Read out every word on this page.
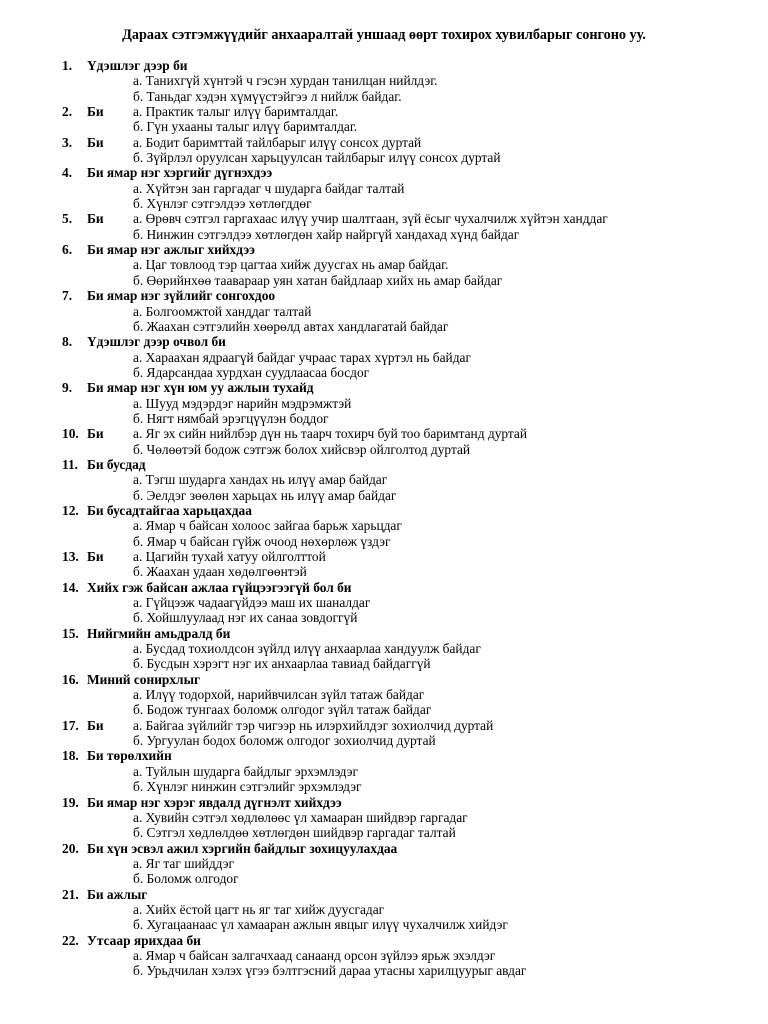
Дараах сэтгэмжүүдийг анхааралтай уншаад өөрт тохирох хувилбарыг сонгоно уу.
1. Үдэшлэг дээр би
а. Танихгүй хүнтэй ч гэсэн хурдан танилцан нийлдэг.
б. Таньдаг хэдэн хүмүүстэйгээ л нийлж байдаг.
2. Би а. Практик талыг илүү баримталдаг.
б. Гүн ухааны талыг илүү баримталдаг.
3. Би а. Бодит баримттай тайлбарыг илүү сонсох дуртай
б. Зүйрлэл оруулсан харьцуулсан тайлбарыг илүү сонсох дуртай
4. Би ямар нэг хэргийг дүгнэхдээ
а. Хүйтэн зан гаргадаг ч шударга байдаг талтай
б. Хүнлэг сэтгэлдээ хөтлөгддөг
5. Би а. Өрөвч сэтгэл гаргахаас илүү учир шалтгаан, зүй ёсыг чухалчилж хүйтэн ханддаг
б. Нинжин сэтгэлдээ хөтлөгдөн хайр найргүй хандахад хүнд байдаг
6. Би ямар нэг ажлыг хийхдээ
а. Цаг товлоод тэр цагтаа хийж дуусгах нь амар байдаг.
б. Өөрийнхөө таавараар уян хатан байдлаар хийх нь амар байдаг
7. Би ямар нэг зүйлийг сонгохдоо
а. Болгоомжтой ханддаг талтай
б. Жаахан сэтгэлийн хөөрөлд автах хандлагатай байдаг
8. Үдэшлэг дээр очвол би
а. Харaахан ядраагүй байдаг учраас тарах хүртэл нь байдаг
б. Ядарсандаа хурдхан суудлаасаа босдог
9. Би ямар нэг хүн юм уу ажлын тухайд
а. Шууд мэдэрдэг нарийн мэдрэмжтэй
б. Нягт нямбай эрэгцүүлэн боддог
10. Би а. Яг эх сийн нийлбэр дүн нь таарч тохирч буй тоо баримтанд дуртай
б. Чөлөөтэй бодож сэтгэж болох хийсвэр ойлголтод дуртай
11. Би бусдад
а. Тэгш шударга хандах нь илүү амар байдаг
б. Эелдэг зөөлөн харьцах нь илүү амар байдаг
12. Би бусадтайгаа харьцахдаа
а. Ямар ч байсан холоос зайгаа барьж харьцдаг
б. Ямар ч байсан гүйж очоод нөхөрлөж үздэг
13. Би а. Цагийн тухай хатуу ойлголттой
б. Жаахан удаан хөдөлгөөнтэй
14. Хийх гэж байсан ажлаа гүйцээгээгүй бол би
а. Гүйцээж чадаагүйдээ маш их шаналдаг
б. Хойшлуулаад нэг их санаа зовдоггүй
15. Нийгмийн амьдралд би
а. Бусдад тохиолдсон зүйлд илүү анхаарлаа хандуулж байдаг
б. Бусдын хэрэгт нэг их анхаарлаа тавиад байдаггүй
16. Миний сонирхлыг
а. Илүү тодорхой, нарийвчилсан зүйл татаж байдаг
б. Бодож тунгаах боломж олгодог зүйл татаж байдаг
17. Би а. Байгаа зүйлийг тэр чигээр нь илэрхийлдэг зохиолчид дуртай
б. Ургуулан бодох боломж олгодог зохиолчид дуртай
18. Би төрөлхийн
а. Туйлын шударга байдлыг эрхэмлэдэг
б. Хүнлэг нинжин сэтгэлийг эрхэмлэдэг
19. Би ямар нэг хэрэг явдалд дүгнэлт хийхдээ
а. Хувийн сэтгэл хөдлөлөөс үл хамааран шийдвэр гаргадаг
б. Сэтгэл хөдлөлдөө хөтлөгдөн шийдвэр гаргадаг талтай
20. Би хүн эсвэл ажил хэргийн байдлыг зохицуулахдаа
а. Яг таг шийддэг
б. Боломж олгодог
21. Би ажлыг
а. Хийх ёстой цагт нь яг таг хийж дуусгадаг
б. Хугацаанаас үл хамааран ажлын явцыг илүү чухалчилж хийдэг
22. Утсаар ярихдаа би
а. Ямар ч байсан залгачхаад санаанд орсон зүйлээ ярьж эхэлдэг
б. Урьдчилан хэлэх үгээ бэлтгэсний дараа утасны харилцуурыг авдаг
